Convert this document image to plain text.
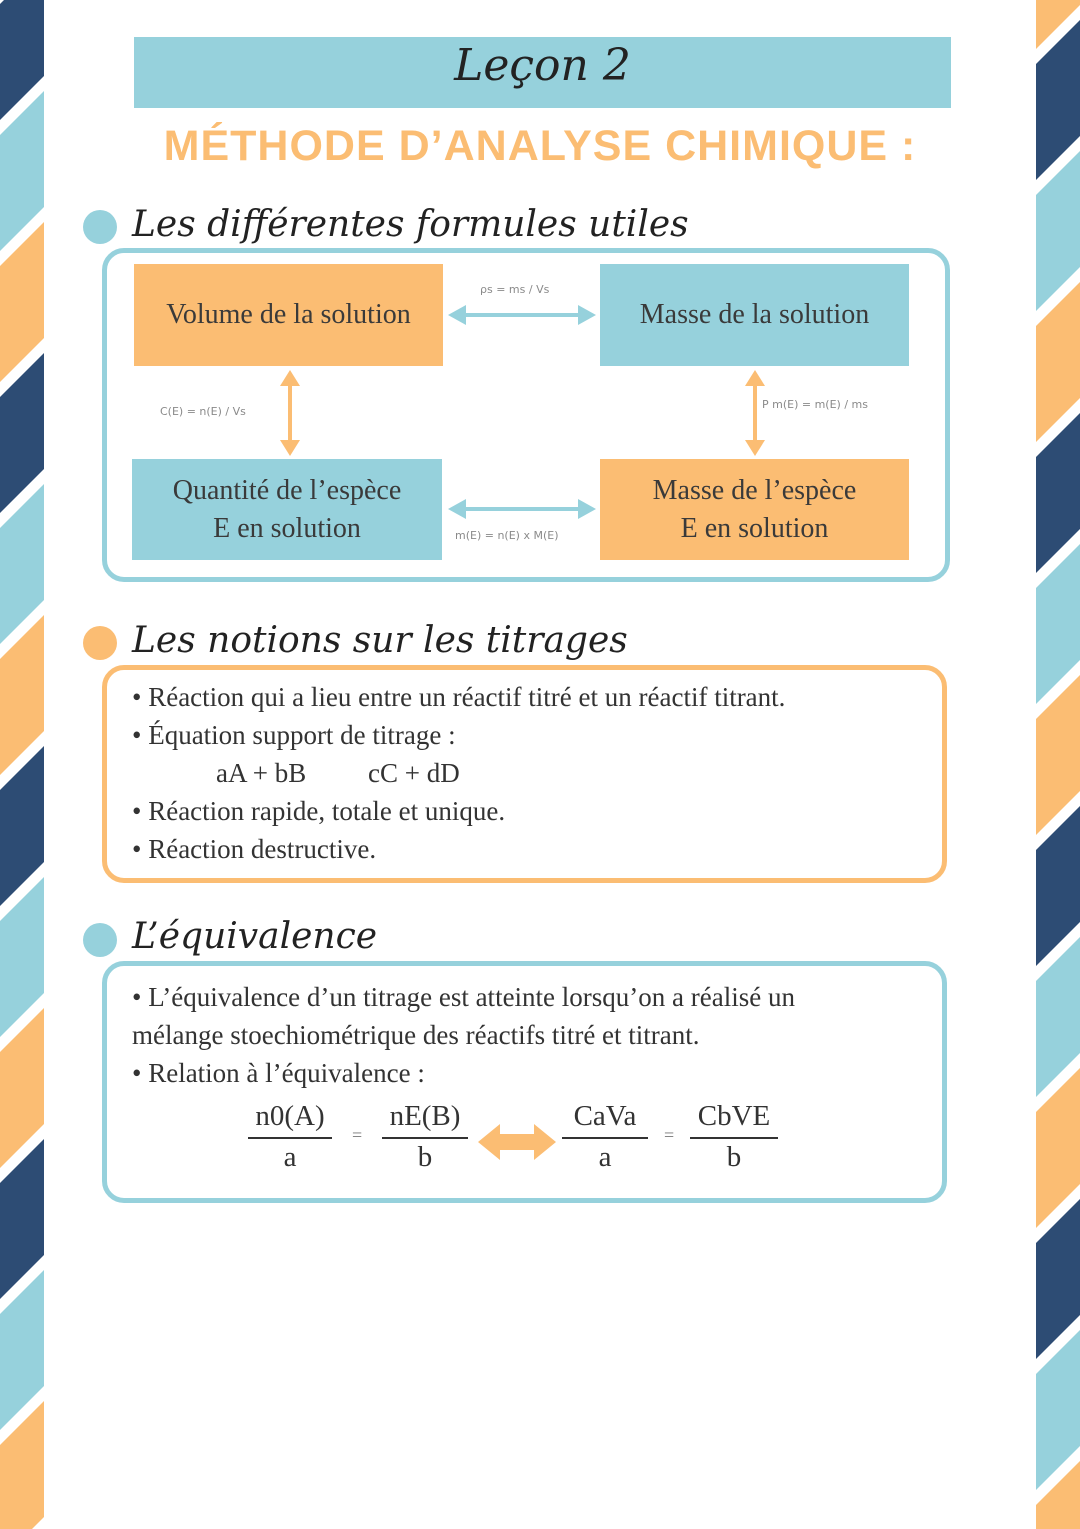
Leçon 2
MÉTHODE D’ANALYSE CHIMIQUE :
Les différentes formules utiles
Volume de la solution	Masse de la solution
Quantité de l’espèce
E en solution
Masse de l’espèce
E en solution
ρs = ms / Vs
C(E) = n(E) / Vs
P m(E) = m(E) / ms
m(E) = n(E) x M(E)
Les notions sur les titrages
• Réaction qui a lieu entre un réactif titré et un réactif titrant.
• Équation support de titrage :
aA + bB cC + dD
• Réaction rapide, totale et unique.
• Réaction destructive.
L’équivalence
• L’équivalence d’un titrage est atteinte lorsqu’on a réalisé un
mélange stoechiométrique des réactifs titré et titrant.
• Relation à l’équivalence :
n0(A)
a
=
nE(B)
b
CaVa
a
=
CbVE
b
